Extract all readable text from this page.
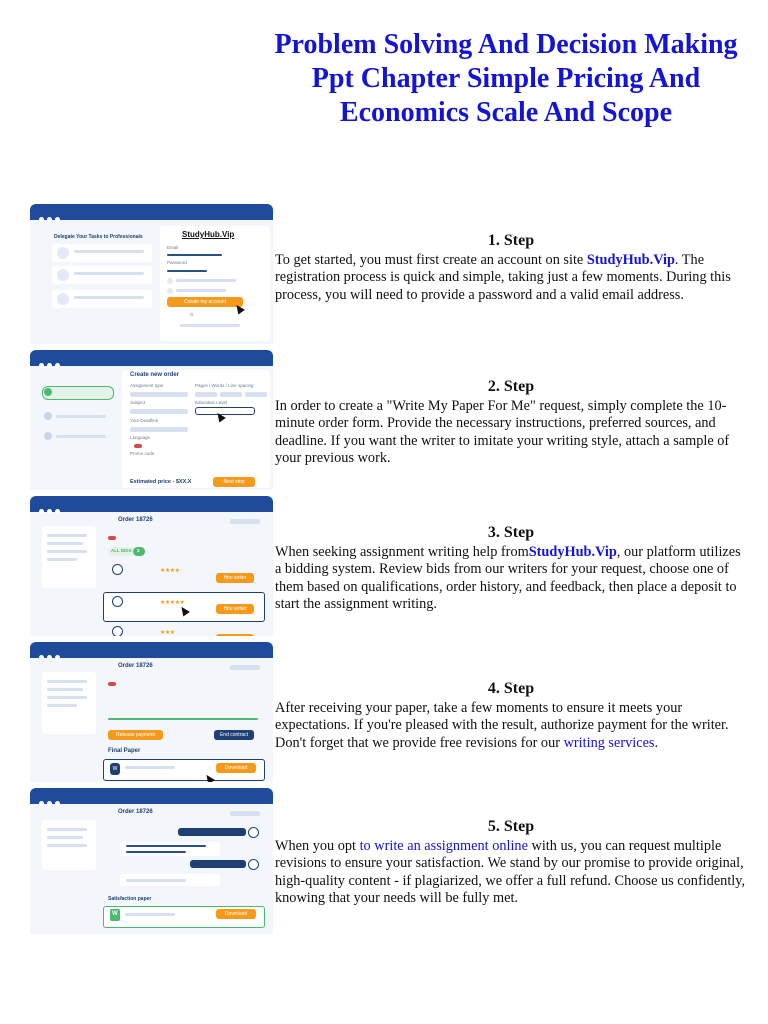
Problem Solving And Decision Making Ppt Chapter Simple Pricing And Economics Scale And Scope
Delegate Your Tasks to Professionals	StudyHub.Vip
Email
Password
Create my account
G
Create new order
Assignment type	Pages / Words / Line spacing
Subject	Education Level
Your Deadline
Language
Promo code
Estimated price - $XX.X	Next step
Order 18726
ALL BIDS 3
★★★★
Hire writer
★★★★★
Hire writer
★★★
Order 18726
Release payment	End contract
Final Paper
W	Download
Order 18726
Satisfaction paper
W	Download
1. Step

To get started, you must first create an account on site StudyHub.Vip. The registration process is quick and simple, taking just a few moments. During this process, you will need to provide a password and a valid email address.

2. Step

In order to create a "Write My Paper For Me" request, simply complete the 10-minute order form. Provide the necessary instructions, preferred sources, and deadline. If you want the writer to imitate your writing style, attach a sample of your previous work.

3. Step

When seeking assignment writing help fromStudyHub.Vip, our platform utilizes a bidding system. Review bids from our writers for your request, choose one of them based on qualifications, order history, and feedback, then place a deposit to start the assignment writing.

4. Step

After receiving your paper, take a few moments to ensure it meets your expectations. If you're pleased with the result, authorize payment for the writer. Don't forget that we provide free revisions for our writing services.

5. Step

When you opt to write an assignment online with us, you can request multiple revisions to ensure your satisfaction. We stand by our promise to provide original, high-quality content - if plagiarized, we offer a full refund. Choose us confidently, knowing that your needs will be fully met.
